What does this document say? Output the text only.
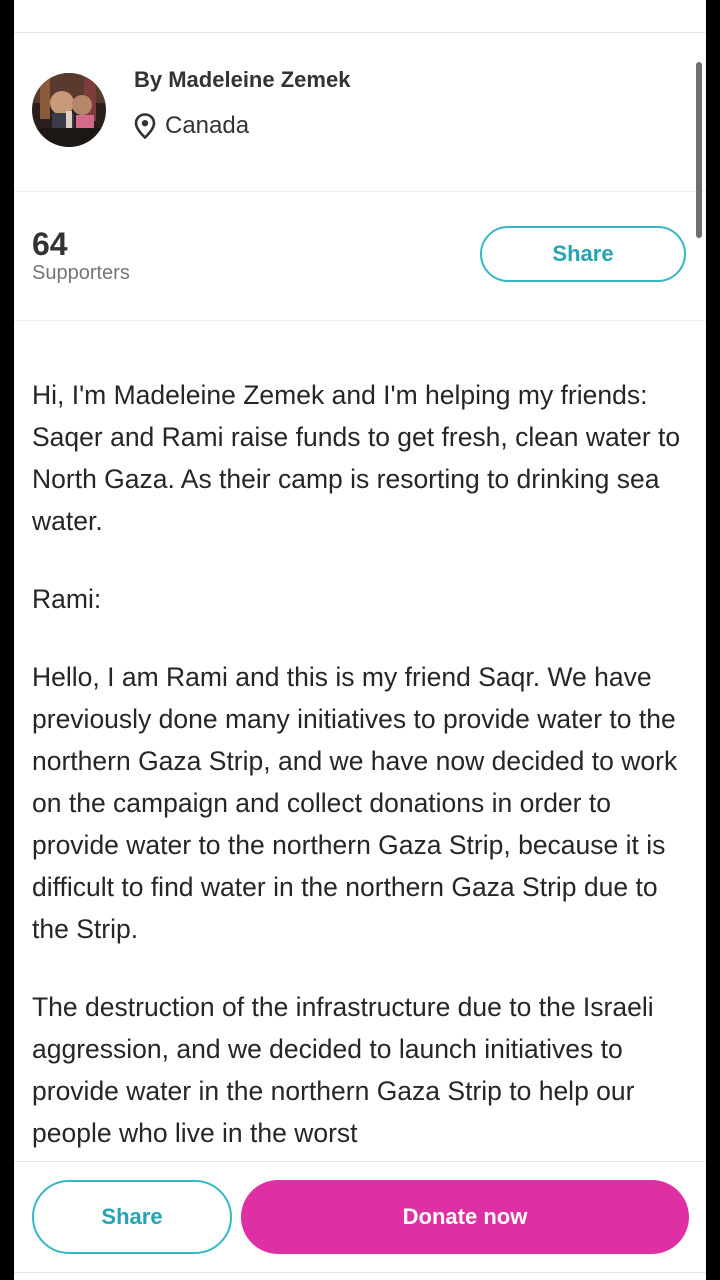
By Madeleine Zemek
Canada
64
Supporters
Share

Hi, I'm Madeleine Zemek and I'm helping my friends: Saqer and Rami raise funds to get fresh, clean water to North Gaza. As their camp is resorting to drinking sea water.

Rami:

Hello, I am Rami and this is my friend Saqr. We have previously done many initiatives to provide water to the northern Gaza Strip, and we have now decided to work on the campaign and collect donations in order to provide water to the northern Gaza Strip, because it is difficult to find water in the northern Gaza Strip due to the Strip.

The destruction of the infrastructure due to the Israeli aggression, and we decided to launch initiatives to provide water in the northern Gaza Strip to help our people who live in the worst

Share	Donate now
